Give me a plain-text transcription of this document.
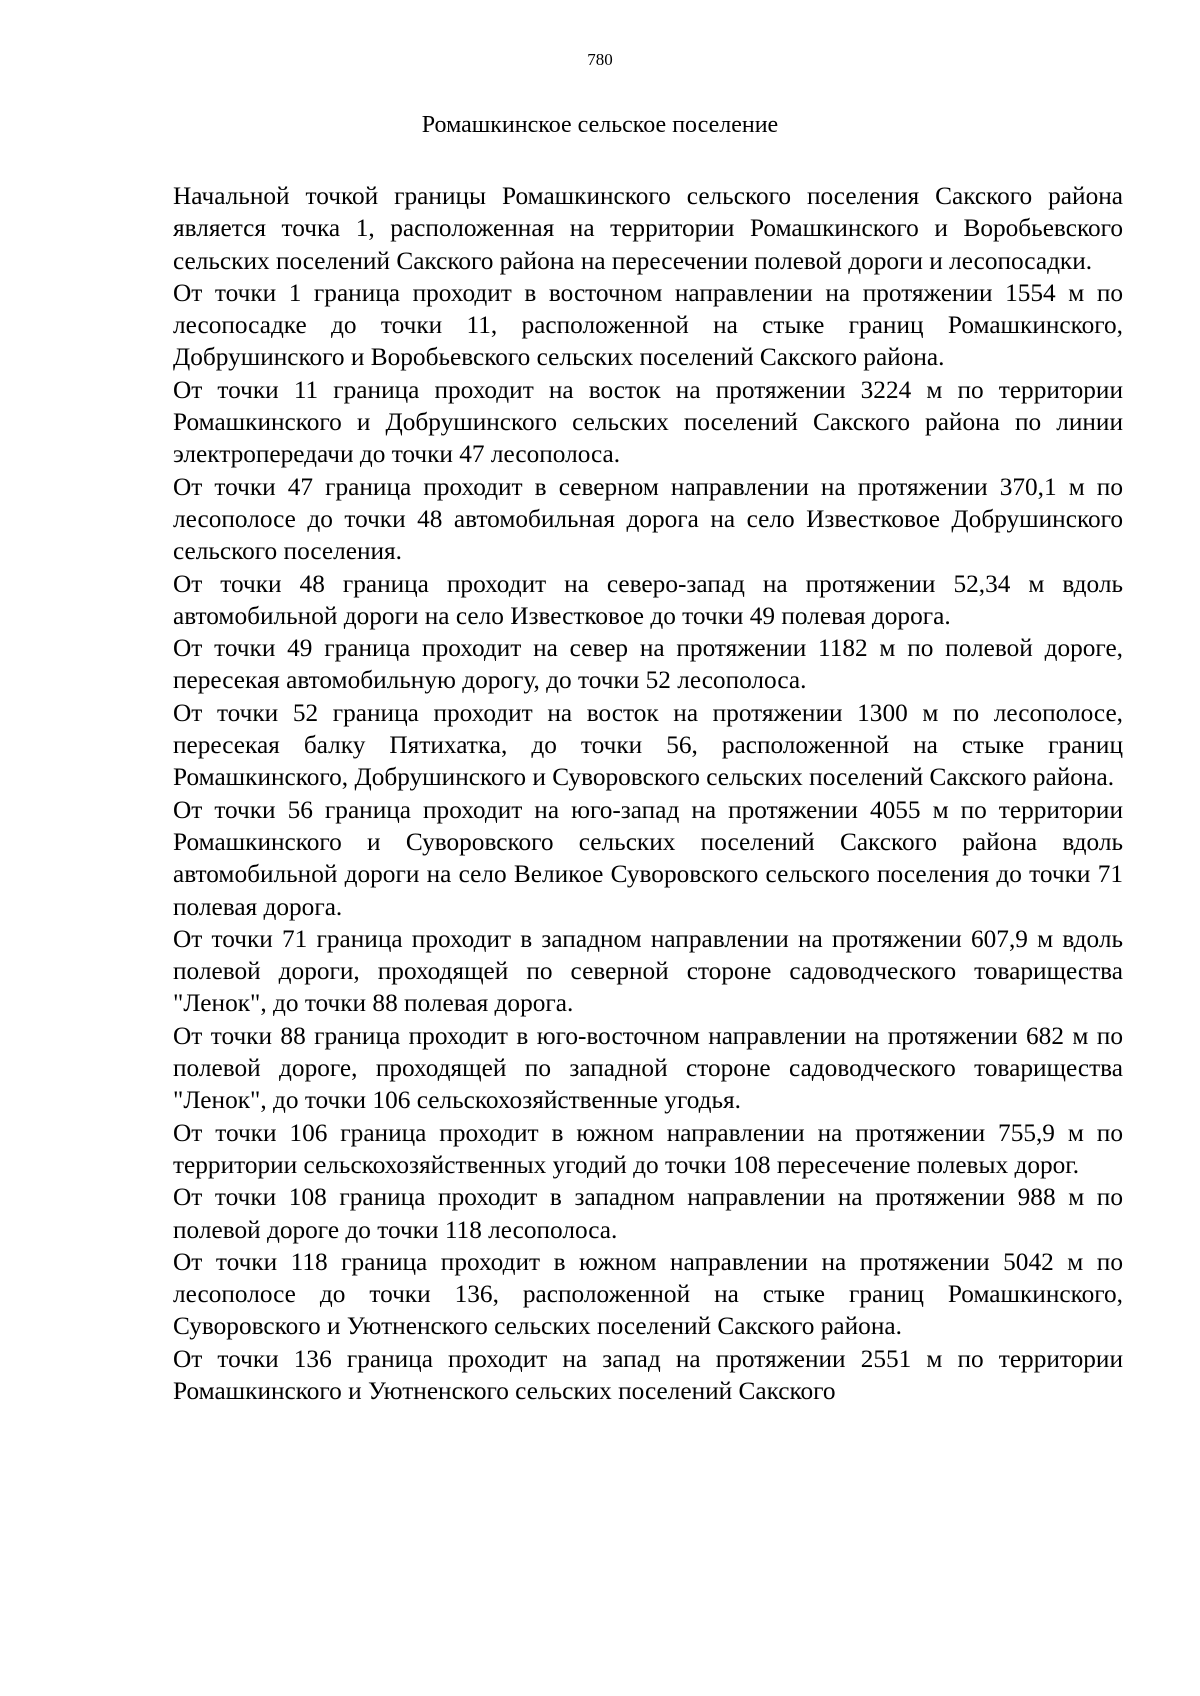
780
Ромашкинское сельское поселение

Начальной точкой границы Ромашкинского сельского поселения Сакского района является точка 1, расположенная на территории Ромашкинского и Воробьевского сельских поселений Сакского района на пересечении полевой дороги и лесопосадки.

От точки 1 граница проходит в восточном направлении на протяжении 1554 м по лесопосадке до точки 11, расположенной на стыке границ Ромашкинского, Добрушинского и Воробьевского сельских поселений Сакского района.

От точки 11 граница проходит на восток на протяжении 3224 м по территории Ромашкинского и Добрушинского сельских поселений Сакского района по линии электропередачи до точки 47 лесополоса.

От точки 47 граница проходит в северном направлении на протяжении 370,1 м по лесополосе до точки 48 автомобильная дорога на село Известковое Добрушинского сельского поселения.

От точки 48 граница проходит на северо-запад на протяжении 52,34 м вдоль автомобильной дороги на село Известковое до точки 49 полевая дорога.

От точки 49 граница проходит на север на протяжении 1182 м по полевой дороге, пересекая автомобильную дорогу, до точки 52 лесополоса.

От точки 52 граница проходит на восток на протяжении 1300 м по лесополосе, пересекая балку Пятихатка, до точки 56, расположенной на стыке границ Ромашкинского, Добрушинского и Суворовского сельских поселений Сакского района.

От точки 56 граница проходит на юго-запад на протяжении 4055 м по территории Ромашкинского и Суворовского сельских поселений Сакского района вдоль автомобильной дороги на село Великое Суворовского сельского поселения до точки 71 полевая дорога.

От точки 71 граница проходит в западном направлении на протяжении 607,9 м вдоль полевой дороги, проходящей по северной стороне садоводческого товарищества "Ленок", до точки 88 полевая дорога.

От точки 88 граница проходит в юго-восточном направлении на протяжении 682 м по полевой дороге, проходящей по западной стороне садоводческого товарищества "Ленок", до точки 106 сельскохозяйственные угодья.

От точки 106 граница проходит в южном направлении на протяжении 755,9 м по территории сельскохозяйственных угодий до точки 108 пересечение полевых дорог.

От точки 108 граница проходит в западном направлении на протяжении 988 м по полевой дороге до точки 118 лесополоса.

От точки 118 граница проходит в южном направлении на протяжении 5042 м по лесополосе до точки 136, расположенной на стыке границ Ромашкинского, Суворовского и Уютненского сельских поселений Сакского района.

От точки 136 граница проходит на запад на протяжении 2551 м по территории Ромашкинского и Уютненского сельских поселений Сакского
